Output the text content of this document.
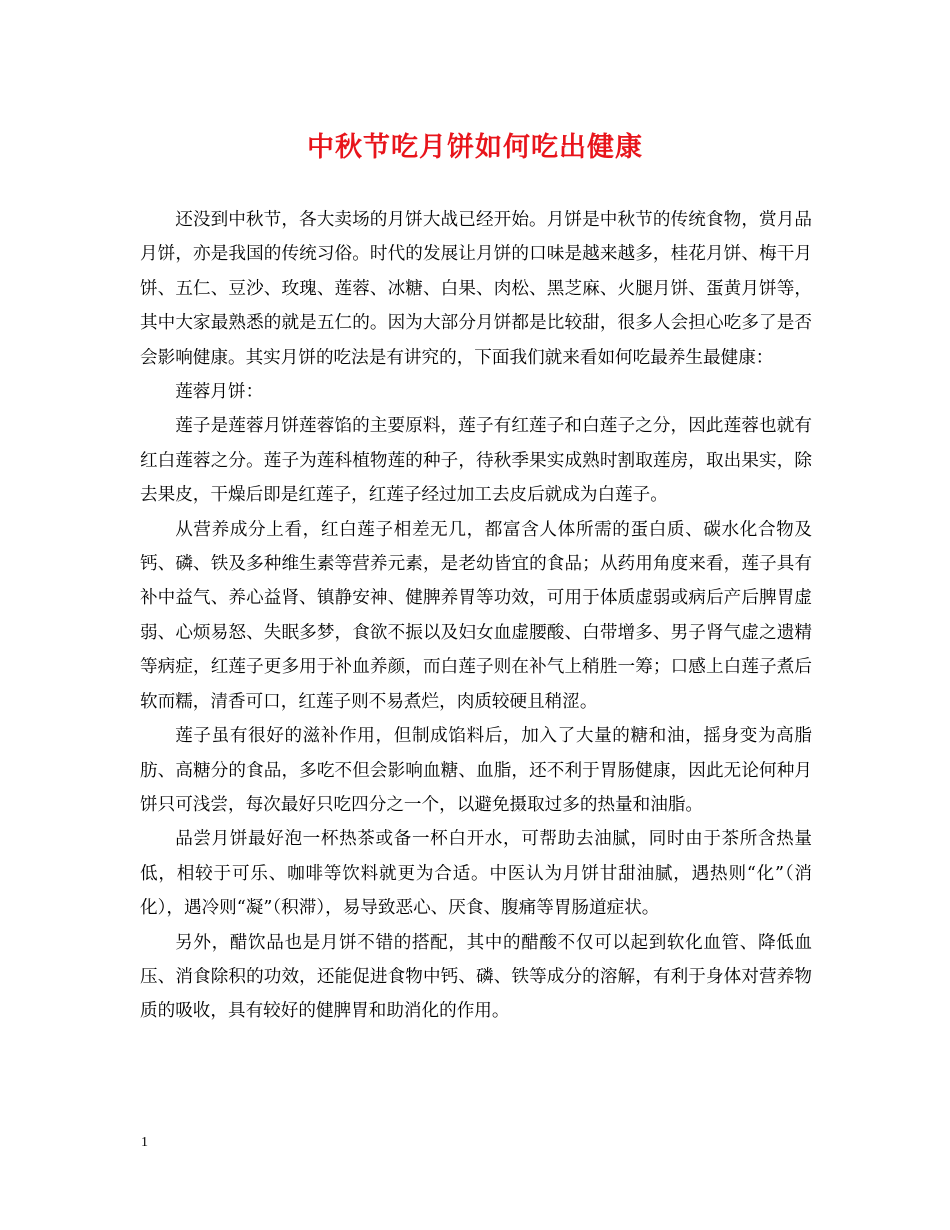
中秋节吃月饼如何吃出健康

还没到中秋节，各大卖场的月饼大战已经开始。月饼是中秋节的传统食物，赏月品月饼，亦是我国的传统习俗。时代的发展让月饼的口味是越来越多，桂花月饼、梅干月饼、五仁、豆沙、玫瑰、莲蓉、冰糖、白果、肉松、黑芝麻、火腿月饼、蛋黄月饼等，其中大家最熟悉的就是五仁的。因为大部分月饼都是比较甜，很多人会担心吃多了是否会影响健康。其实月饼的吃法是有讲究的，下面我们就来看如何吃最养生最健康：

莲蓉月饼：

莲子是莲蓉月饼莲蓉馅的主要原料，莲子有红莲子和白莲子之分，因此莲蓉也就有红白莲蓉之分。莲子为莲科植物莲的种子，待秋季果实成熟时割取莲房，取出果实，除去果皮，干燥后即是红莲子，红莲子经过加工去皮后就成为白莲子。

从营养成分上看，红白莲子相差无几，都富含人体所需的蛋白质、碳水化合物及钙、磷、铁及多种维生素等营养元素，是老幼皆宜的食品；从药用角度来看，莲子具有补中益气、养心益肾、镇静安神、健脾养胃等功效，可用于体质虚弱或病后产后脾胃虚弱、心烦易怒、失眠多梦，食欲不振以及妇女血虚腰酸、白带增多、男子肾气虚之遗精等病症，红莲子更多用于补血养颜，而白莲子则在补气上稍胜一筹；口感上白莲子煮后软而糯，清香可口，红莲子则不易煮烂，肉质较硬且稍涩。

莲子虽有很好的滋补作用，但制成馅料后，加入了大量的糖和油，摇身变为高脂肪、高糖分的食品，多吃不但会影响血糖、血脂，还不利于胃肠健康，因此无论何种月饼只可浅尝，每次最好只吃四分之一个，以避免摄取过多的热量和油脂。

品尝月饼最好泡一杯热茶或备一杯白开水，可帮助去油腻，同时由于茶所含热量低，相较于可乐、咖啡等饮料就更为合适。中医认为月饼甘甜油腻，遇热则“化”（消化），遇冷则“凝”（积滞），易导致恶心、厌食、腹痛等胃肠道症状。

另外，醋饮品也是月饼不错的搭配，其中的醋酸不仅可以起到软化血管、降低血压、消食除积的功效，还能促进食物中钙、磷、铁等成分的溶解，有利于身体对营养物质的吸收，具有较好的健脾胃和助消化的作用。

1
